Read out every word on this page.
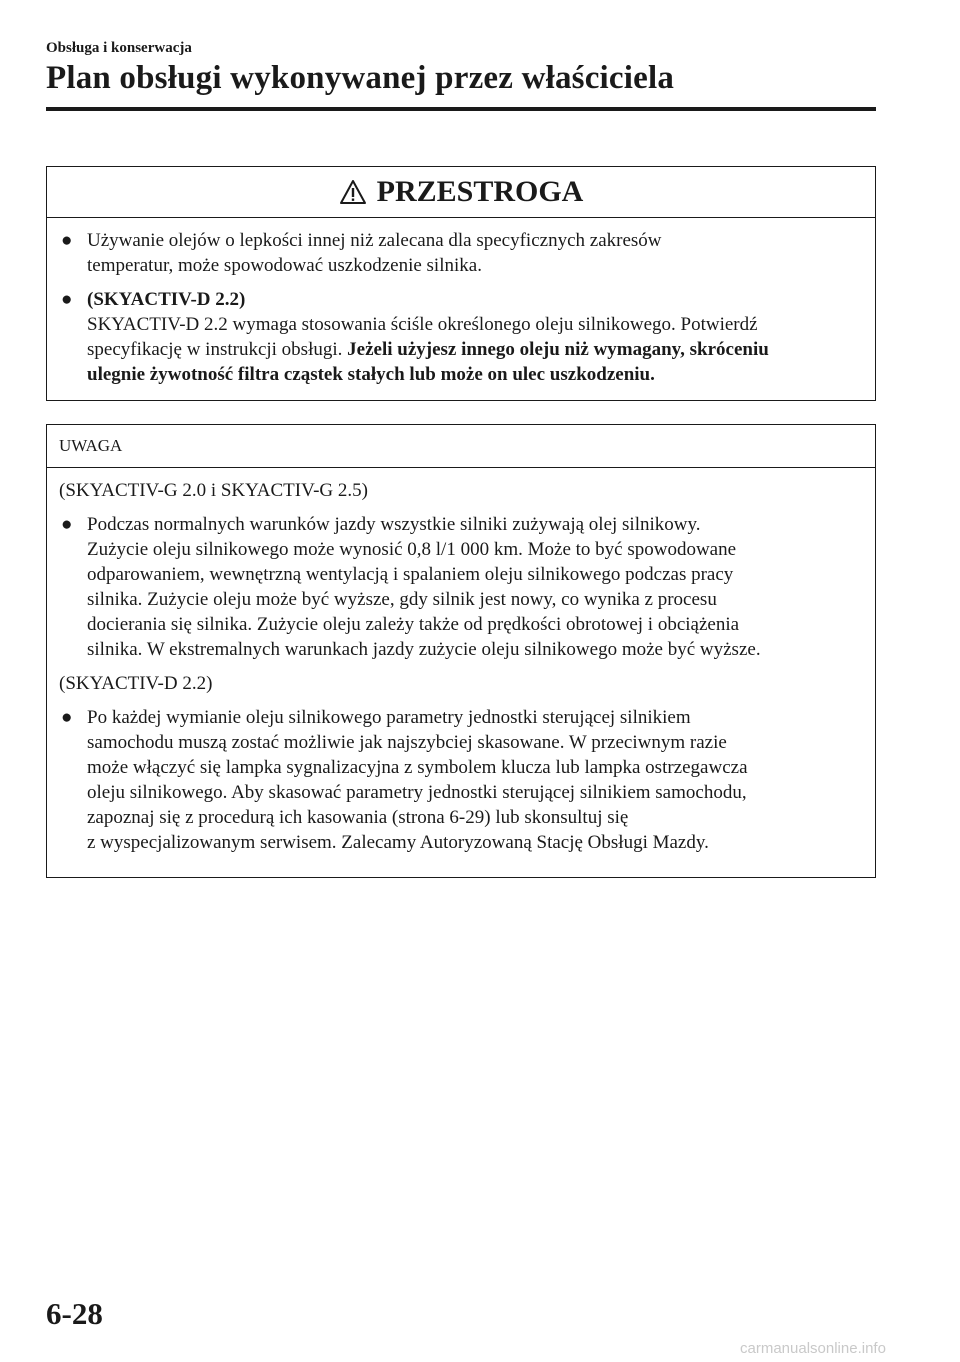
Obsługa i konserwacja
Plan obsługi wykonywanej przez właściciela
PRZESTROGA
● Używanie olejów o lepkości innej niż zalecana dla specyficznych zakresów
temperatur, może spowodować uszkodzenie silnika.
● (SKYACTIV-D 2.2)
SKYACTIV-D 2.2 wymaga stosowania ściśle określonego oleju silnikowego. Potwierdź
specyfikację w instrukcji obsługi. Jeżeli użyjesz innego oleju niż wymagany, skróceniu
ulegnie żywotność filtra cząstek stałych lub może on ulec uszkodzeniu.
UWAGA
(SKYACTIV-G 2.0 i SKYACTIV-G 2.5)
● Podczas normalnych warunków jazdy wszystkie silniki zużywają olej silnikowy.
Zużycie oleju silnikowego może wynosić 0,8 l/1 000 km. Może to być spowodowane
odparowaniem, wewnętrzną wentylacją i spalaniem oleju silnikowego podczas pracy
silnika. Zużycie oleju może być wyższe, gdy silnik jest nowy, co wynika z procesu
docierania się silnika. Zużycie oleju zależy także od prędkości obrotowej i obciążenia
silnika. W ekstremalnych warunkach jazdy zużycie oleju silnikowego może być wyższe.
(SKYACTIV-D 2.2)
● Po każdej wymianie oleju silnikowego parametry jednostki sterującej silnikiem
samochodu muszą zostać możliwie jak najszybciej skasowane. W przeciwnym razie
może włączyć się lampka sygnalizacyjna z symbolem klucza lub lampka ostrzegawcza
oleju silnikowego. Aby skasować parametry jednostki sterującej silnikiem samochodu,
zapoznaj się z procedurą ich kasowania (strona 6-29) lub skonsultuj się
z wyspecjalizowanym serwisem. Zalecamy Autoryzowaną Stację Obsługi Mazdy.
6-28
carmanualsonline.info
